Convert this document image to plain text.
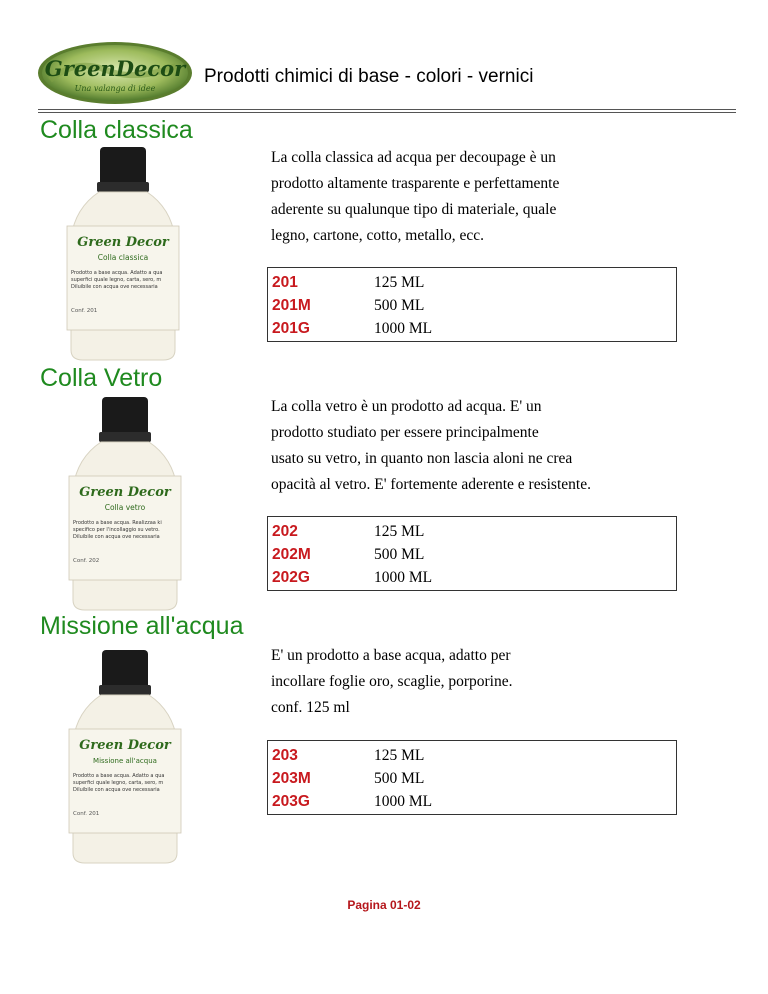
GreenDecor
Una valanga di idee
Prodotti chimici di base - colori - vernici
Colla classica
Green Decor
Colla classica
Prodotto a base acqua. Adatto a qua
superfici quale legno, carta, sero, m
Diluibile con acqua ove necessaria
Conf. 201

La colla classica ad acqua per decoupage è un

prodotto altamente trasparente e perfettamente

aderente su qualunque tipo di materiale, quale

legno, cartone, cotto, metallo, ecc.

201	125 ML
201M	500 ML
201G	1000 ML
Colla Vetro
Green Decor
Colla vetro
Prodotto a base acqua. Realizzaa ki
specifico per l'incollaggio su vetro.
Diluibile con acqua ove necessaria
Conf. 202

La colla vetro è un prodotto ad acqua. E' un

prodotto studiato per essere principalmente

usato su vetro, in quanto non lascia aloni ne crea

opacità al vetro. E' fortemente aderente e resistente.

202	125 ML
202M	500 ML
202G	1000 ML
Missione all'acqua
Green Decor
Missione all'acqua
Prodotto a base acqua. Adatto a qua
superfici quale legno, carta, sero, m
Diluibile con acqua ove necessaria
Conf. 201

E' un prodotto a base acqua, adatto per

incollare foglie oro, scaglie, porporine.

conf. 125 ml

203	125 ML
203M	500 ML
203G	1000 ML
Pagina 01-02
